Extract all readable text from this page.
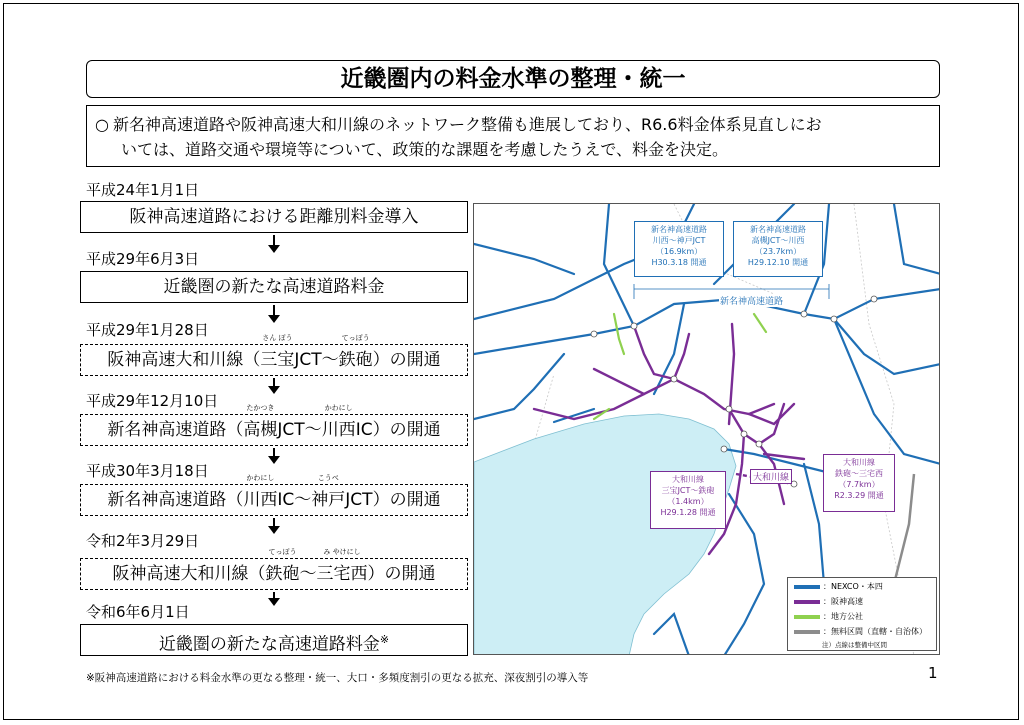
近畿圏内の料金水準の整理・統一
○ 新名神高速道路や阪神高速大和川線のネットワーク整備も進展しており、R6.6料金体系見直しにお
いては、道路交通や環境等について、政策的な課題を考慮したうえで、料金を決定。
平成24年1月1日
阪神高速道路における距離別料金導入
平成29年6月3日
近畿圏の新たな高速道路料金
平成29年1月28日
阪神高速大和川線（
さん ぽう
三宝JCT～
てっぽう
鉄砲）の開通
平成29年12月10日
新名神高速道路（
たかつき
高槻JCT～
かわにし
川西IC）の開通
平成30年3月18日
新名神高速道路（
かわにし
川西IC～
こうべ
神戸JCT）の開通
令和2年3月29日
阪神高速大和川線（
てっぽう
鉄砲～
み やけにし
三宅西）の開通
令和6年6月1日
近畿圏の新たな高速道路料金※
※阪神高速道路における料金水準の更なる整理・統一、大口・多頻度割引の更なる拡充、深夜割引の導入等	1
新名神高速道路
川西～神戸JCT
（16.9km）
H30.3.18 開通
新名神高速道路
高槻JCT～川西
（23.7km）
H29.12.10 開通
新名神高速道路
大和川線
三宝JCT～鉄砲
（1.4km）
H29.1.28 開通
大和川線
大和川線
鉄砲～三宅西
（7.7km）
R2.3.29 開通
：NEXCO・本四
：阪神高速
：地方公社
：無料区間（直轄・自治体）
注）点線は整備中区間
